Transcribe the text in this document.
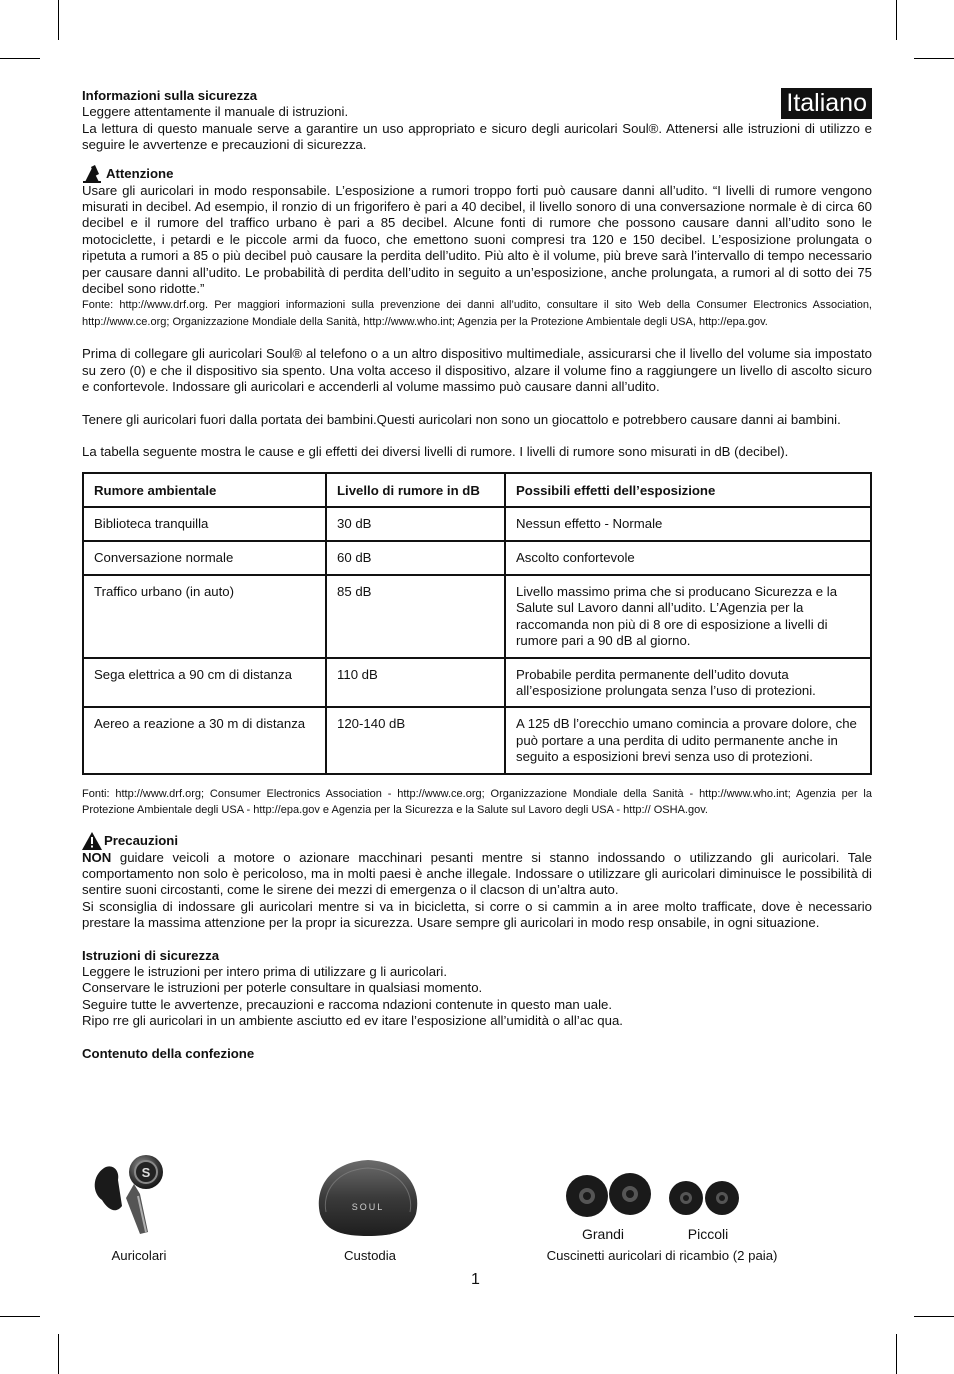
Italiano
Informazioni sulla sicurezza

Leggere attentamente il manuale di istruzioni.

La lettura di questo manuale serve a garantire un uso appropriato e sicuro degli auricolari Soul®. Attenersi alle istruzioni di utilizzo e seguire le avvertenze e precauzioni di sicurezza.

Attenzione

Usare gli auricolari in modo responsabile. L’esposizione a rumori troppo forti può causare danni all’udito. “I livelli di rumore vengono misurati in decibel. Ad esempio, il ronzio di un frigorifero è pari a 40 decibel, il livello sonoro di una conversazione normale è di circa 60 decibel e il rumore del traffico urbano è pari a 85 decibel. Alcune fonti di rumore che possono causare danni all’udito sono le motociclette, i petardi e le piccole armi da fuoco, che emettono suoni compresi tra 120 e 150 decibel. L’esposizione prolungata o ripetuta a rumori a 85 o più decibel può causare la perdita dell’udito. Più alto è il volume, più breve sarà l’intervallo di tempo necessario per causare danni all’udito. Le probabilità di perdita dell’udito in seguito a un’esposizione, anche prolungata, a rumori al di sotto dei 75 decibel sono ridotte.”

Fonte: http://www.drf.org. Per maggiori informazioni sulla prevenzione dei danni all’udito, consultare il sito Web della Consumer Electronics Association, http://www.ce.org; Organizzazione Mondiale della Sanità, http://www.who.int; Agenzia per la Protezione Ambientale degli USA, http://epa.gov.

Prima di collegare gli auricolari Soul® al telefono o a un altro dispositivo multimediale, assicurarsi che il livello del volume sia impostato su zero (0) e che il dispositivo sia spento. Una volta acceso il dispositivo, alzare il volume fino a raggiungere un livello di ascolto sicuro e confortevole. Indossare gli auricolari e accenderli al volume massimo può causare danni all’udito.

Tenere gli auricolari fuori dalla portata dei bambini.Questi auricolari non sono un giocattolo e potrebbero causare danni ai bambini.

La tabella seguente mostra le cause e gli effetti dei diversi livelli di rumore. I livelli di rumore sono misurati in dB (decibel).

Rumore ambientale	Livello di rumore in dB	Possibili effetti dell’esposizione
Biblioteca tranquilla	30 dB	Nessun effetto - Normale
Conversazione normale	60 dB	Ascolto confortevole
Traffico urbano (in auto)	85 dB	Livello massimo prima che si producano Sicurezza e la Salute sul Lavoro danni all’udito. L’Agenzia per la raccomanda non più di 8 ore di esposizione a livelli di rumore pari a 90 dB al giorno.
Sega elettrica a 90 cm di distanza	110 dB	Probabile perdita permanente dell’udito dovuta all’esposizione prolungata senza l’uso di protezioni.
Aereo a reazione a 30 m di distanza	120-140 dB	A 125 dB l’orecchio umano comincia a provare dolore, che può portare a una perdita di udito permanente anche in seguito a esposizioni brevi senza uso di protezioni.

Fonti: http://www.drf.org; Consumer Electronics Association - http://www.ce.org; Organizzazione Mondiale della Sanità - http://www.who.int; Agenzia per la Protezione Ambientale degli USA - http://epa.gov e Agenzia per la Sicurezza e la Salute sul Lavoro degli USA - http:// OSHA.gov.

Precauzioni

NON guidare veicoli a motore o azionare macchinari pesanti mentre si stanno indossando o utilizzando gli auricolari. Tale comportamento non solo è pericoloso, ma in molti paesi è anche illegale. Indossare o utilizzare gli auricolari diminuisce le possibilità di sentire suoni circostanti, come le sirene dei mezzi di emergenza o il clacson di un’altra auto.

Si sconsiglia di indossare gli auricolari mentre si va in bicicletta, si corre o si cammin a in aree molto trafficate, dove è necessario prestare la massima attenzione per la propr ia sicurezza. Usare sempre gli auricolari in modo resp onsabile, in ogni situazione.

Istruzioni di sicurezza

Leggere le istruzioni per intero prima di utilizzare g li auricolari.

Conservare le istruzioni per poterle consultare in qualsiasi momento.

Seguire tutte le avvertenze, precauzioni e raccoma ndazioni contenute in questo man uale.

Ripo rre gli auricolari in un ambiente asciutto ed ev itare l’esposizione all’umidità o all’ac qua.

Contenuto della confezione
S
Auricolari
SOUL
Custodia
Grandi	Piccoli
Cuscinetti auricolari di ricambio (2 paia)
1
